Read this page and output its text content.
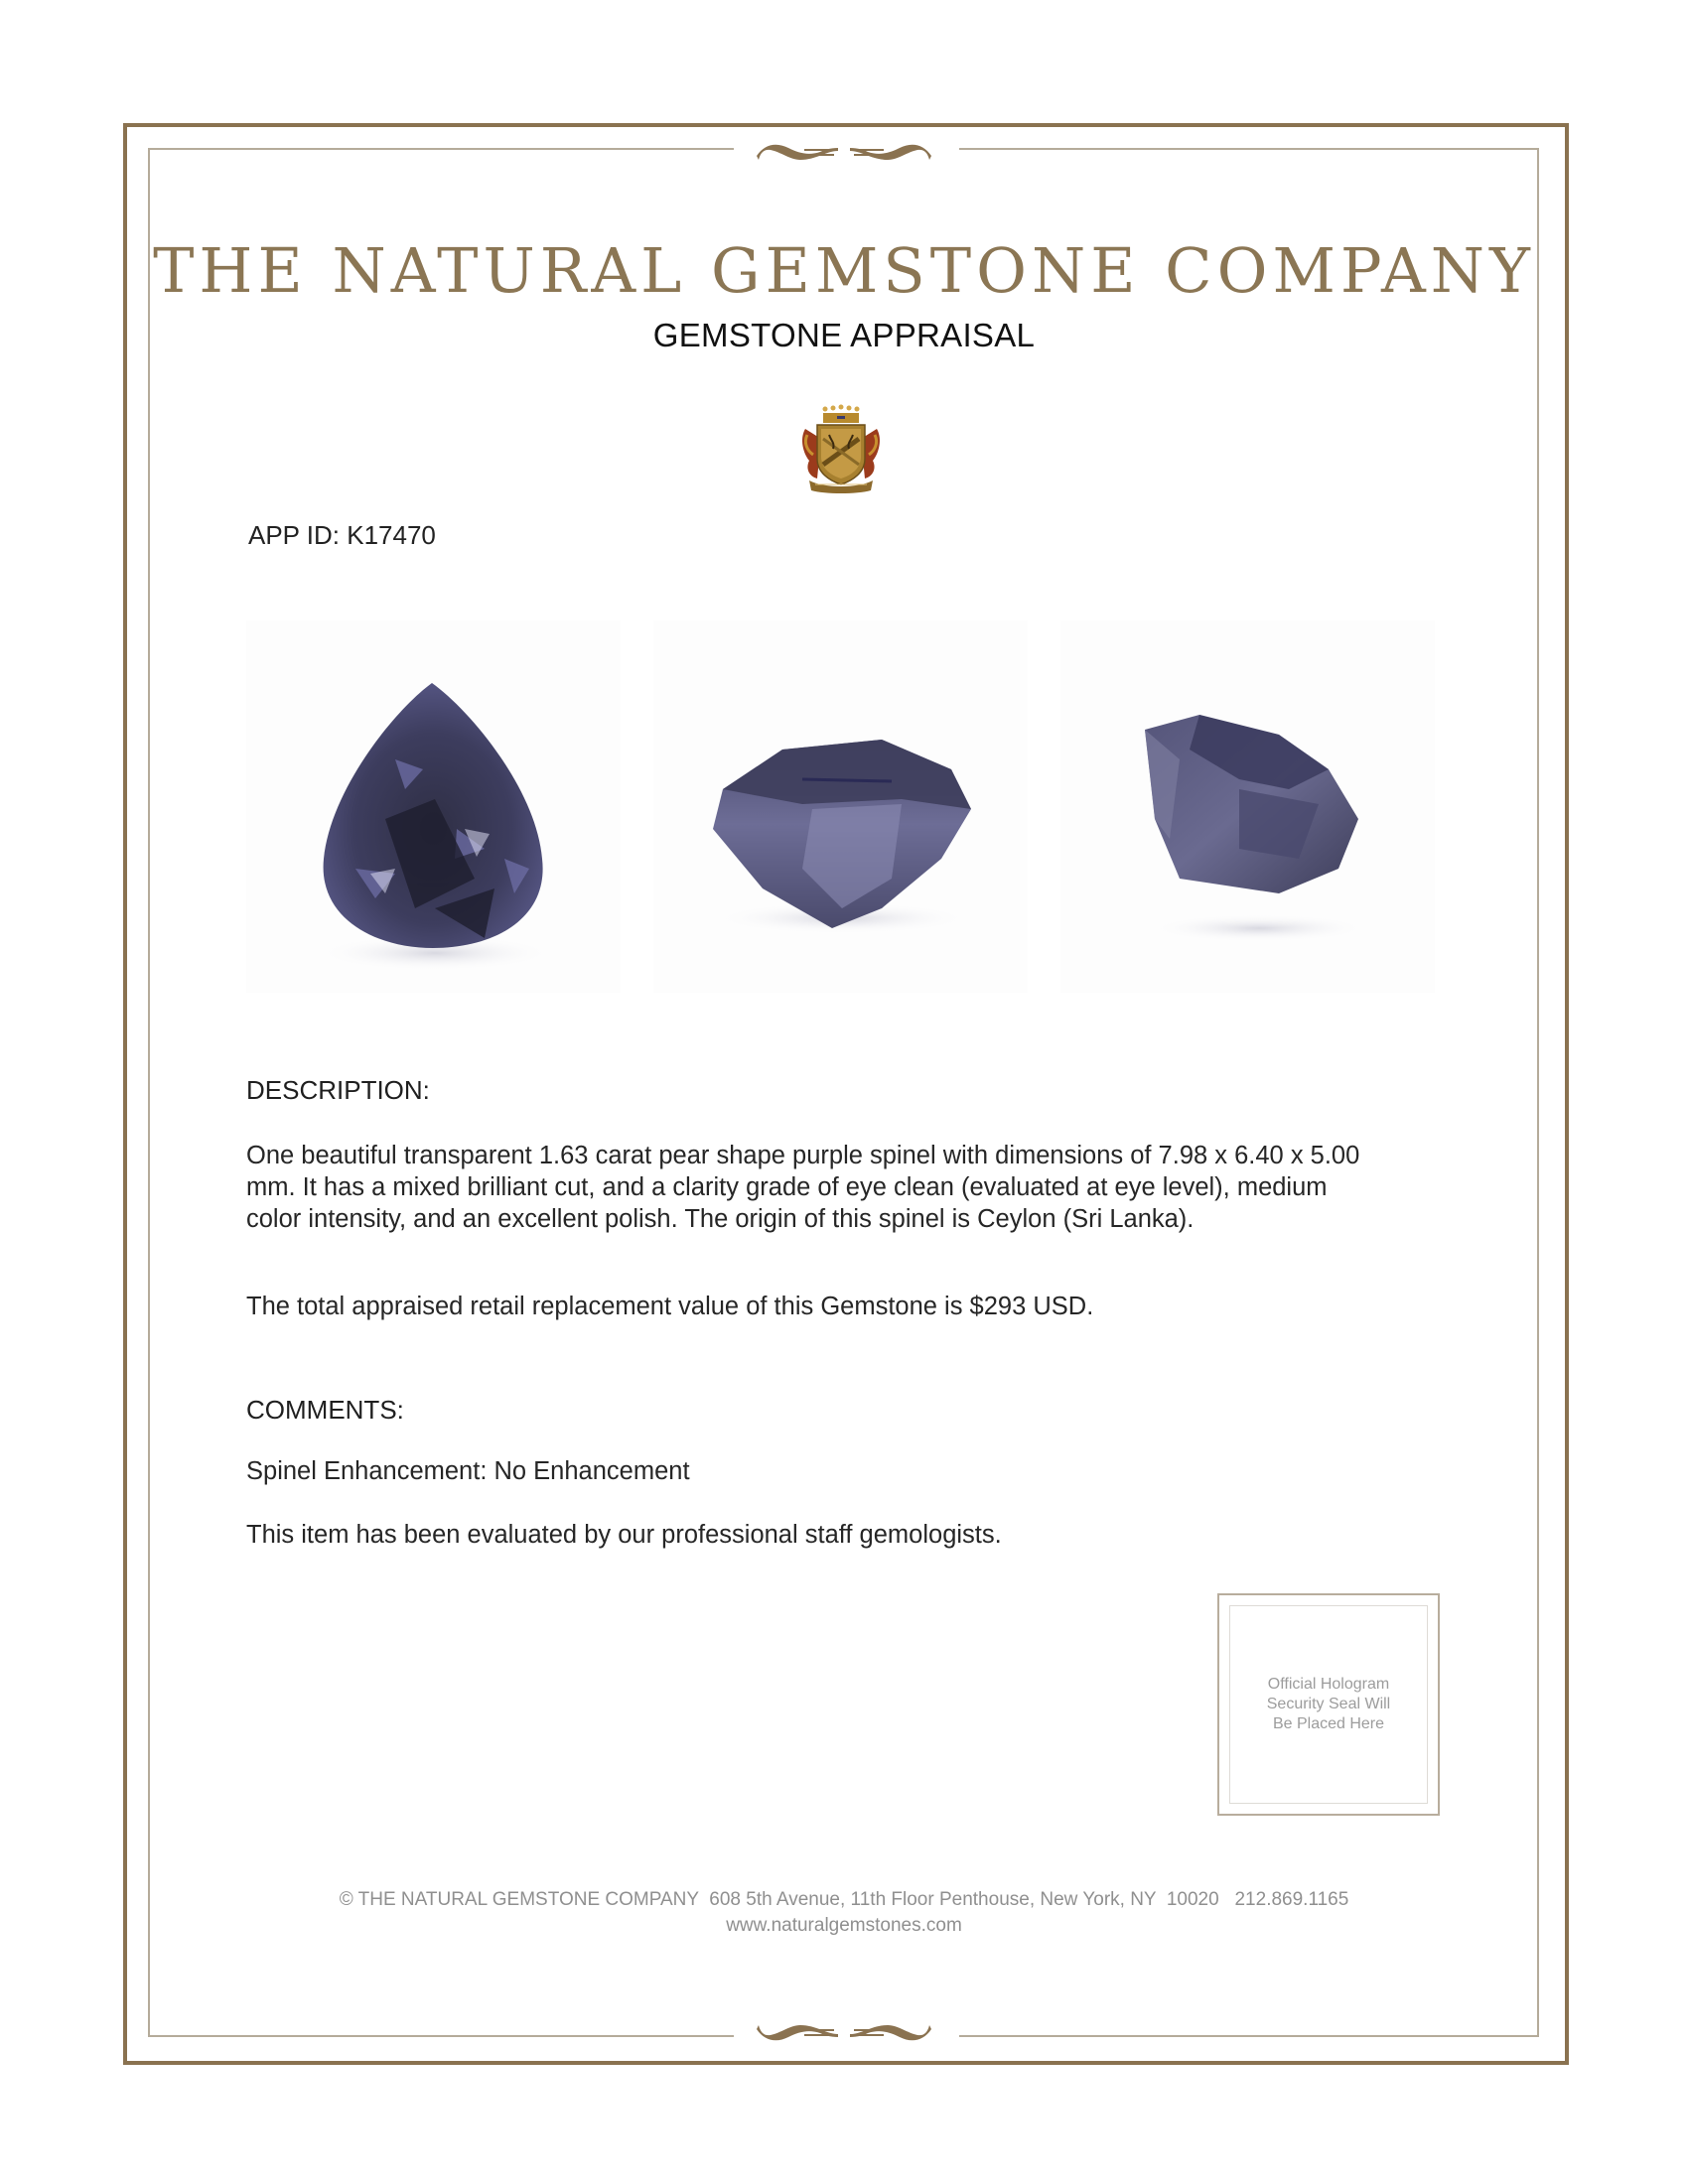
THE NATURAL GEMSTONE COMPANY
GEMSTONE APPRAISAL
APP ID: K17470
DESCRIPTION:
One beautiful transparent 1.63 carat pear shape purple spinel with dimensions of 7.98 x 6.40 x 5.00
mm. It has a mixed brilliant cut, and a clarity grade of eye clean (evaluated at eye level), medium
color intensity, and an excellent polish. The origin of this spinel is Ceylon (Sri Lanka).
The total appraised retail replacement value of this Gemstone is $293 USD.
COMMENTS:
Spinel Enhancement: No Enhancement
This item has been evaluated by our professional staff gemologists.
Official Hologram
Security Seal Will
Be Placed Here
© THE NATURAL GEMSTONE COMPANY  608 5th Avenue, 11th Floor Penthouse, New York, NY  10020   212.869.1165
www.naturalgemstones.com
